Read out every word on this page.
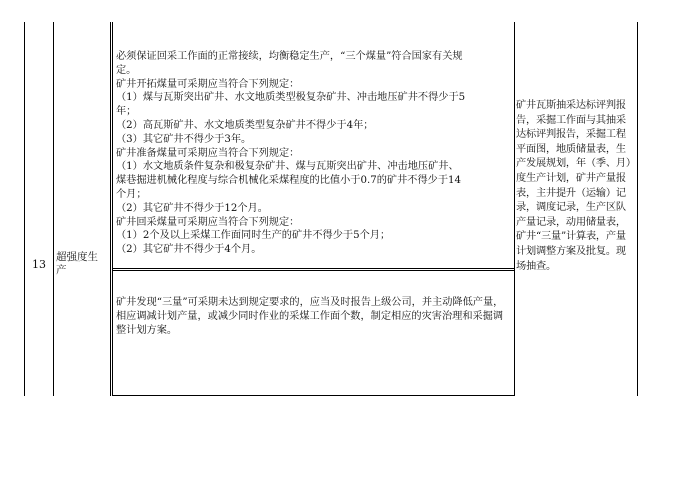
13
超强度生产

必须保证回采工作面的正常接续，均衡稳定生产，“三个煤量”符合国家有关规

定。

矿井开拓煤量可采期应当符合下列规定：

（1）煤与瓦斯突出矿井、水文地质类型极复杂矿井、冲击地压矿井不得少于5

年；

（2）高瓦斯矿井、水文地质类型复杂矿井不得少于4年；

（3）其它矿井不得少于3年。

矿井准备煤量可采期应当符合下列规定：

（1）水文地质条件复杂和极复杂矿井、煤与瓦斯突出矿井、冲击地压矿井、

煤巷掘进机械化程度与综合机械化采煤程度的比值小于0.7的矿井不得少于14

个月；

（2）其它矿井不得少于12个月。

矿井回采煤量可采期应当符合下列规定：

（1）2个及以上采煤工作面同时生产的矿井不得少于5个月；

（2）其它矿井不得少于4个月。

矿井发现“三量”可采期未达到规定要求的，应当及时报告上级公司，并主动降低产量，相应调减计划产量，或减少同时作业的采煤工作面个数，制定相应的灾害治理和采掘调整计划方案。

矿井瓦斯抽采达标评判报告，采掘工作面与其抽采达标评判报告，采掘工程平面图，地质储量表，生产发展规划，年（季、月）度生产计划，矿井产量报表，主井提升（运输）记录，调度记录，生产区队产量记录，动用储量表，矿井“三量”计算表，产量计划调整方案及批复。现场抽查。
